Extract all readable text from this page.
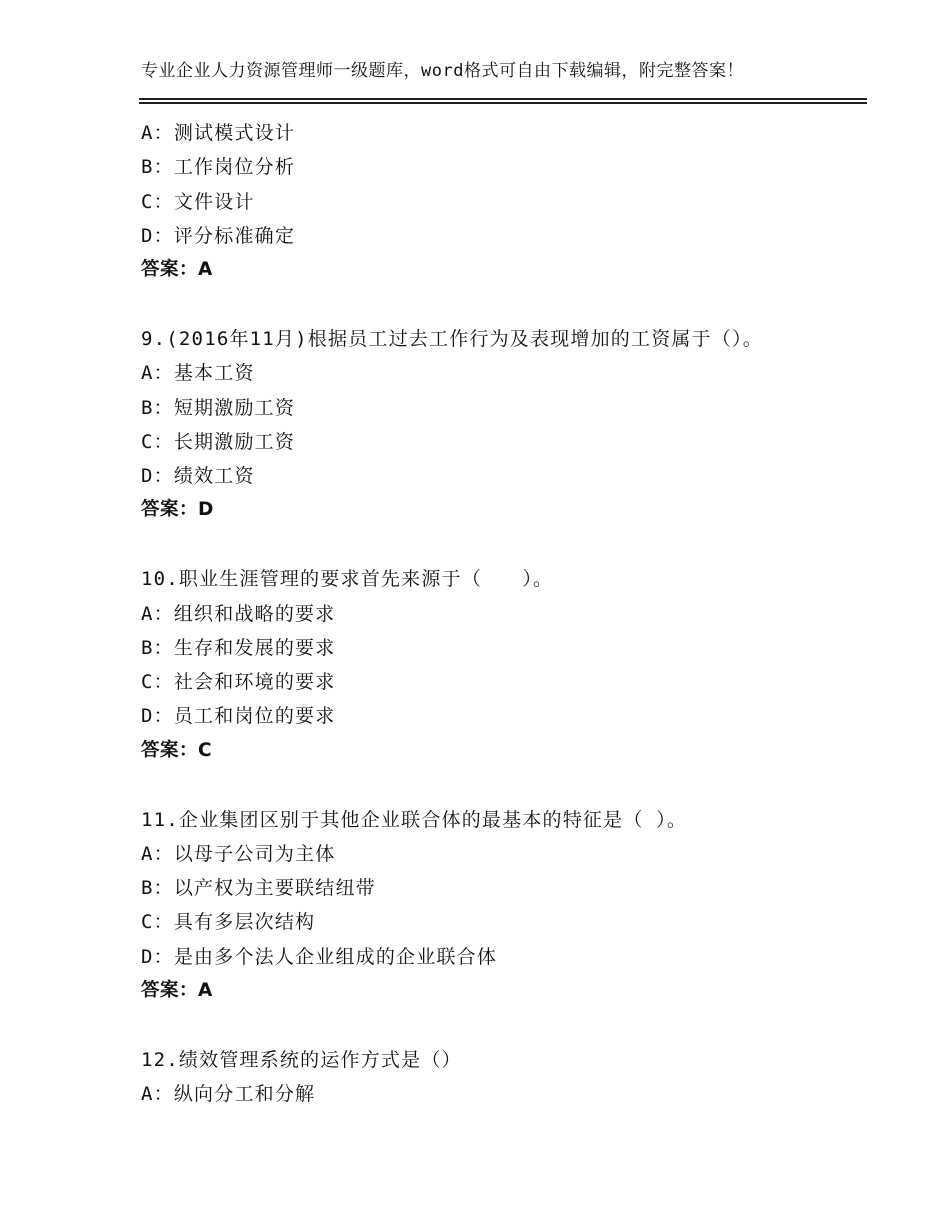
专业企业人力资源管理师一级题库，word格式可自由下载编辑，附完整答案！
A：测试模式设计
B：工作岗位分析
C：文件设计
D：评分标准确定
答案：A
9.(2016年11月)根据员工过去工作行为及表现增加的工资属于（）。
A：基本工资
B：短期激励工资
C：长期激励工资
D：绩效工资
答案：D
10.职业生涯管理的要求首先来源于（　　）。
A：组织和战略的要求
B：生存和发展的要求
C：社会和环境的要求
D：员工和岗位的要求
答案：C
11.企业集团区别于其他企业联合体的最基本的特征是（ ）。
A：以母子公司为主体
B：以产权为主要联结纽带
C：具有多层次结构
D：是由多个法人企业组成的企业联合体
答案：A
12.绩效管理系统的运作方式是（）
A：纵向分工和分解
